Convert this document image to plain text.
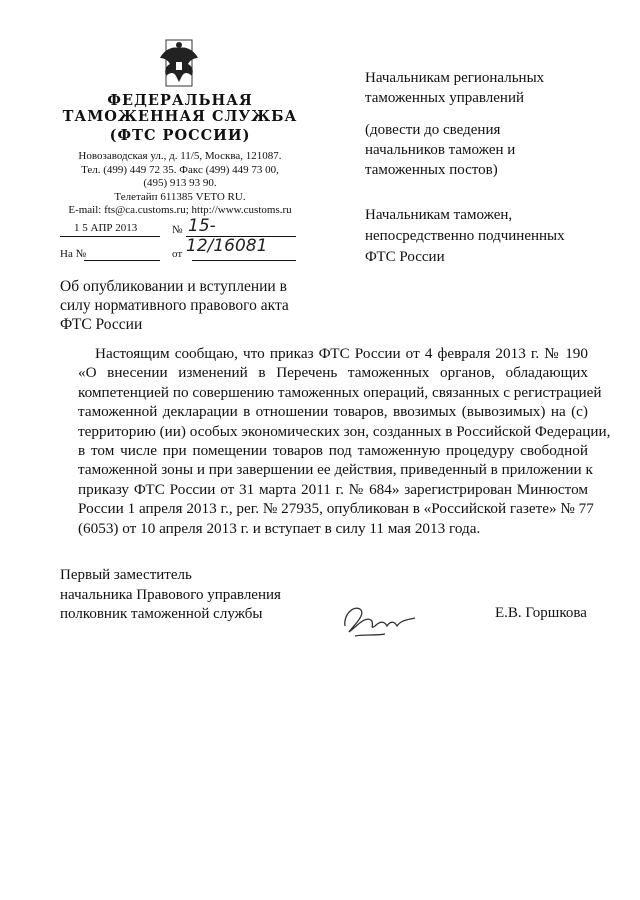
ФЕДЕРАЛЬНАЯ
ТАМОЖЕННАЯ СЛУЖБА
(ФТС РОССИИ)
Новозаводская ул., д. 11/5, Москва, 121087.
Тел. (499) 449 72 35. Факс (499) 449 73 00,
(495) 913 93 90.
Телетайп 611385 VETO RU.
E-mail: fts@ca.customs.ru; http://www.customs.ru
1 5 АПР 2013	№ 15-12/16081
На №	от
Начальникам региональных
таможенных управлений
(довести до сведения
начальников таможен и
таможенных постов)
Начальникам таможен,
непосредственно подчиненных
ФТС России
Об опубликовании и вступлении в
силу нормативного правового акта
ФТС России
Настоящим сообщаю, что приказ ФТС России от 4 февраля 2013 г. № 190
«О внесении изменений в Перечень таможенных органов, обладающих
компетенцией по совершению таможенных операций, связанных с регистрацией
таможенной декларации в отношении товаров, ввозимых (вывозимых) на (с)
территорию (ии) особых экономических зон, созданных в Российской Федерации,
в том числе при помещении товаров под таможенную процедуру свободной
таможенной зоны и при завершении ее действия, приведенный в приложении к
приказу ФТС России от 31 марта 2011 г. № 684» зарегистрирован Минюстом
России 1 апреля 2013 г., рег. № 27935, опубликован в «Российской газете» № 77
(6053) от 10 апреля 2013 г. и вступает в силу 11 мая 2013 года.
Первый заместитель
начальника Правового управления
полковник таможенной службы	Е.В. Горшкова
